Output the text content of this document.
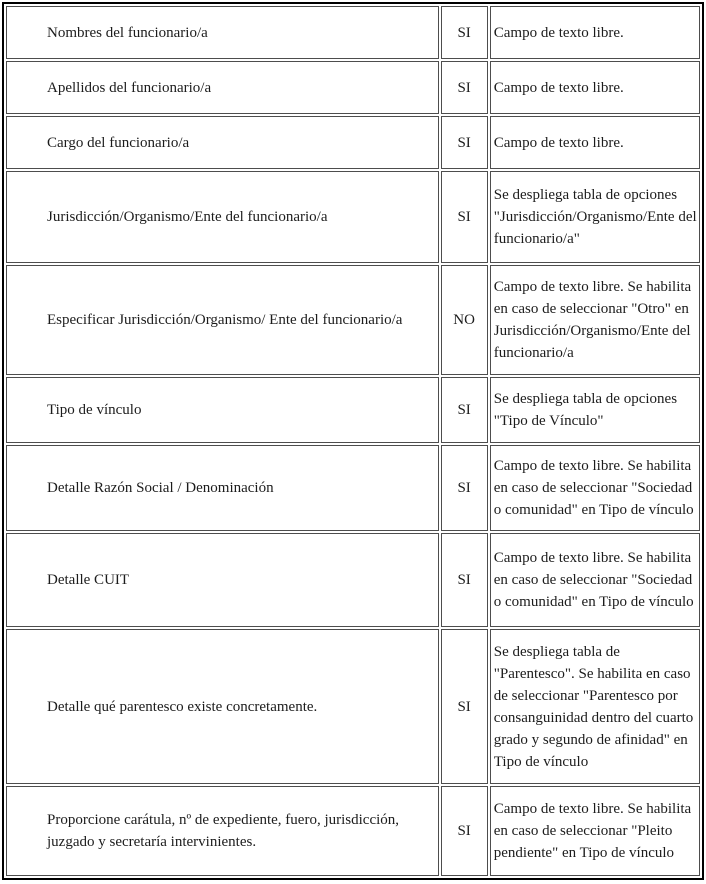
Nombres del funcionario/a	SI	Campo de texto libre.
Apellidos del funcionario/a	SI	Campo de texto libre.
Cargo del funcionario/a	SI	Campo de texto libre.
Jurisdicción/Organismo/Ente del funcionario/a	SI	Se despliega tabla de opciones "Jurisdicción/Organismo/Ente del funcionario/a"
Especificar Jurisdicción/Organismo/ Ente del funcionario/a	NO	Campo de texto libre. Se habilita en caso de seleccionar "Otro" en Jurisdicción/Organismo/Ente del funcionario/a
Tipo de vínculo	SI	Se despliega tabla de opciones "Tipo de Vínculo"
Detalle Razón Social / Denominación	SI	Campo de texto libre. Se habilita en caso de seleccionar "Sociedad o comunidad" en Tipo de vínculo
Detalle CUIT	SI	Campo de texto libre. Se habilita en caso de seleccionar "Sociedad o comunidad" en Tipo de vínculo
Detalle qué parentesco existe concretamente.	SI	Se despliega tabla de "Parentesco". Se habilita en caso de seleccionar "Parentesco por consanguinidad dentro del cuarto grado y segundo de afinidad" en Tipo de vínculo
Proporcione carátula, nº de expediente, fuero, jurisdicción, juzgado y secretaría intervinientes.	SI	Campo de texto libre. Se habilita en caso de seleccionar "Pleito pendiente" en Tipo de vínculo
